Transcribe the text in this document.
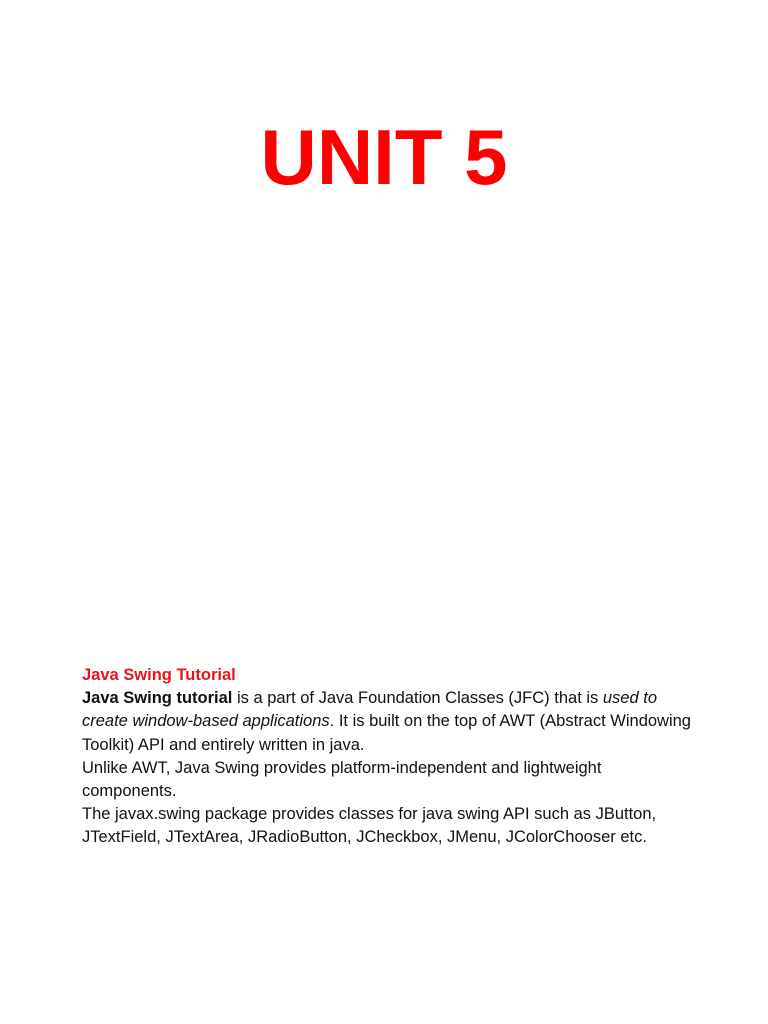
UNIT 5

Java Swing Tutorial

Java Swing tutorial is a part of Java Foundation Classes (JFC) that is used to create window-based applications. It is built on the top of AWT (Abstract Windowing Toolkit) API and entirely written in java.

Unlike AWT, Java Swing provides platform-independent and lightweight components.

The javax.swing package provides classes for java swing API such as JButton, JTextField, JTextArea, JRadioButton, JCheckbox, JMenu, JColorChooser etc.
